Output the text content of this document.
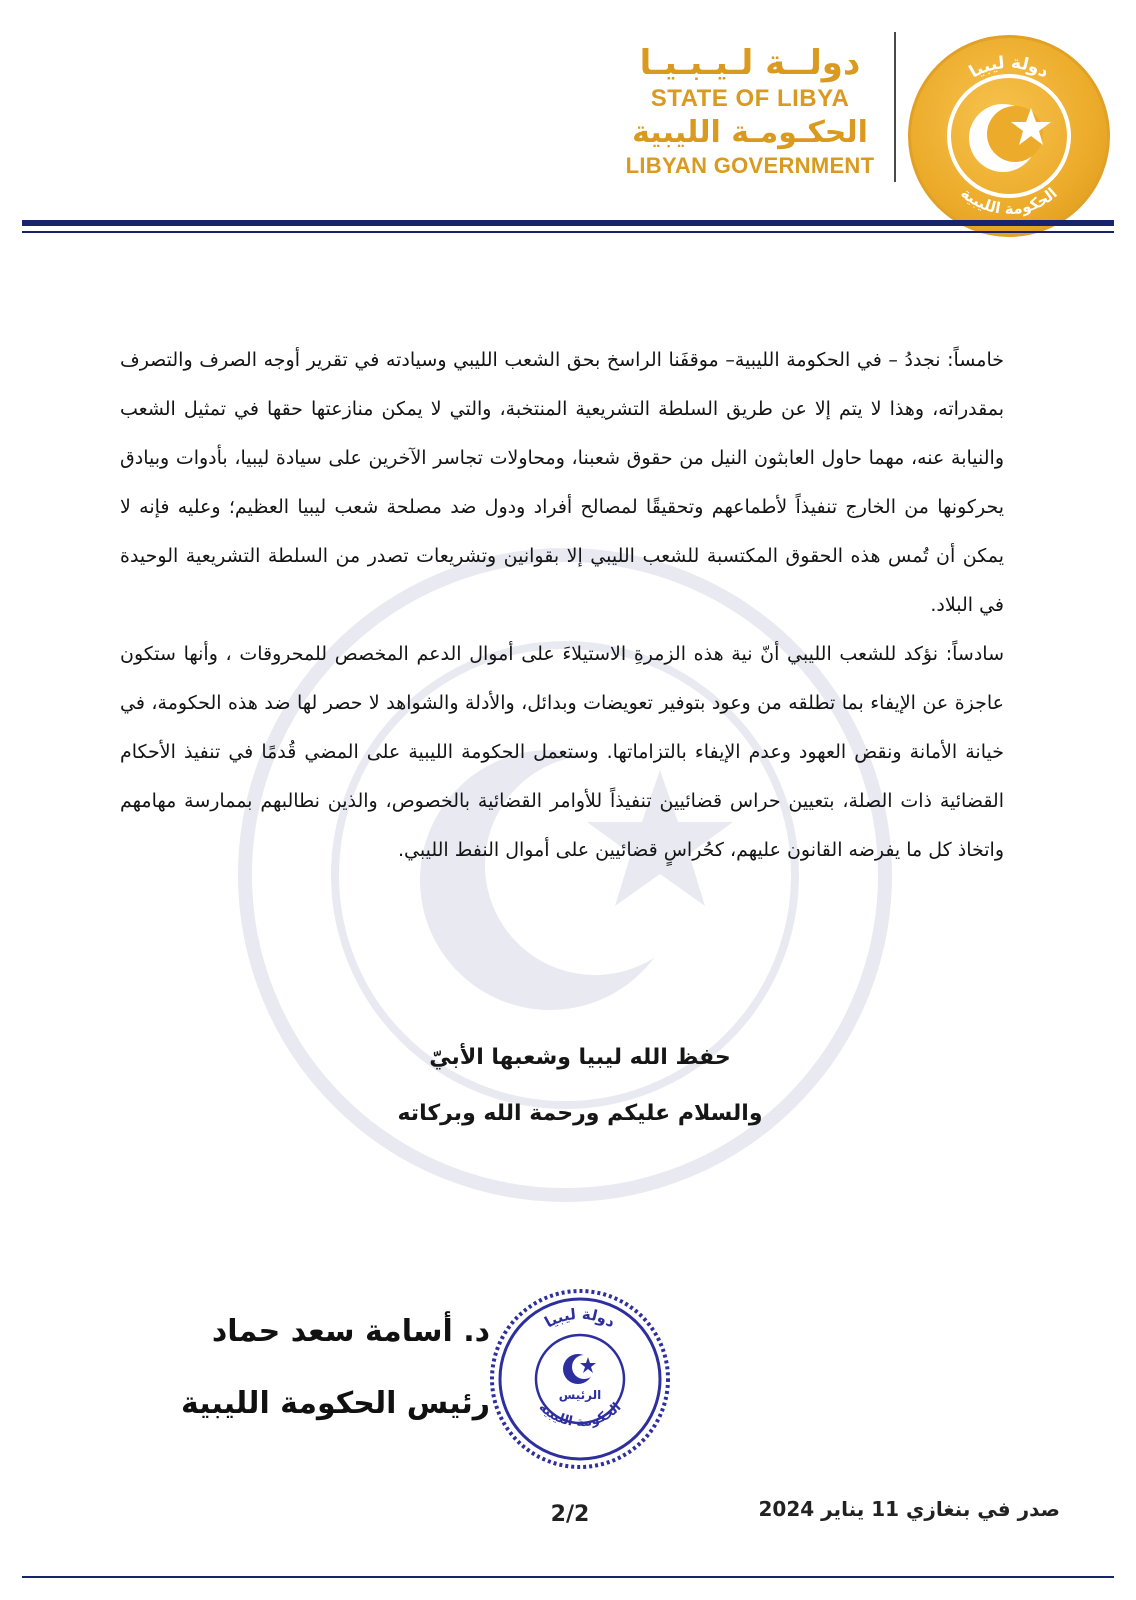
دولة ليبيا
الحكومة الليبية
دولــة لـيـبـيـا
STATE OF LIBYA
الحكـومـة الليبية
LIBYAN GOVERNMENT

خامساً: نجددُ – في الحكومة الليبية– موقفَنا الراسخ بحق الشعب الليبي وسيادته في تقرير أوجه الصرف والتصرف بمقدراته، وهذا لا يتم إلا عن طريق السلطة التشريعية المنتخبة، والتي لا يمكن منازعتها حقها في تمثيل الشعب والنيابة عنه، مهما حاول العابثون النيل من حقوق شعبنا، ومحاولات تجاسر الآخرين على سيادة ليبيا، بأدوات وبيادق يحركونها من الخارج تنفيذاً لأطماعهم وتحقيقًا لمصالح أفراد ودول ضد مصلحة شعب ليبيا العظيم؛ وعليه فإنه لا يمكن أن تُمس هذه الحقوق المكتسبة للشعب الليبي إلا بقوانين وتشريعات تصدر من السلطة التشريعية الوحيدة في البلاد.

سادساً: نؤكد للشعب الليبي أنّ نية هذه الزمرةِ الاستيلاءَ على أموال الدعم المخصص للمحروقات ، وأنها ستكون عاجزة عن الإيفاء بما تطلقه من وعود بتوفير تعويضات وبدائل، والأدلة والشواهد لا حصر لها ضد هذه الحكومة، في خيانة الأمانة ونقض العهود وعدم الإيفاء بالتزاماتها. وستعمل الحكومة الليبية على المضي قُدمًا في تنفيذ الأحكام القضائية ذات الصلة، بتعيين حراس قضائيين تنفيذاً للأوامر القضائية بالخصوص، والذين نطالبهم بممارسة مهامهم واتخاذ كل ما يفرضه القانون عليهم، كحُراسٍ قضائيين على أموال النفط الليبي.

حفظ الله ليبيا وشعبها الأبيّ

والسلام عليكم ورحمة الله وبركاته

الرئيس
دولة ليبيا
الحكومة الليبية
د. أسامة سعد حماد
رئيس الحكومة الليبية
2/2	صدر في بنغازي 11 يناير 2024
